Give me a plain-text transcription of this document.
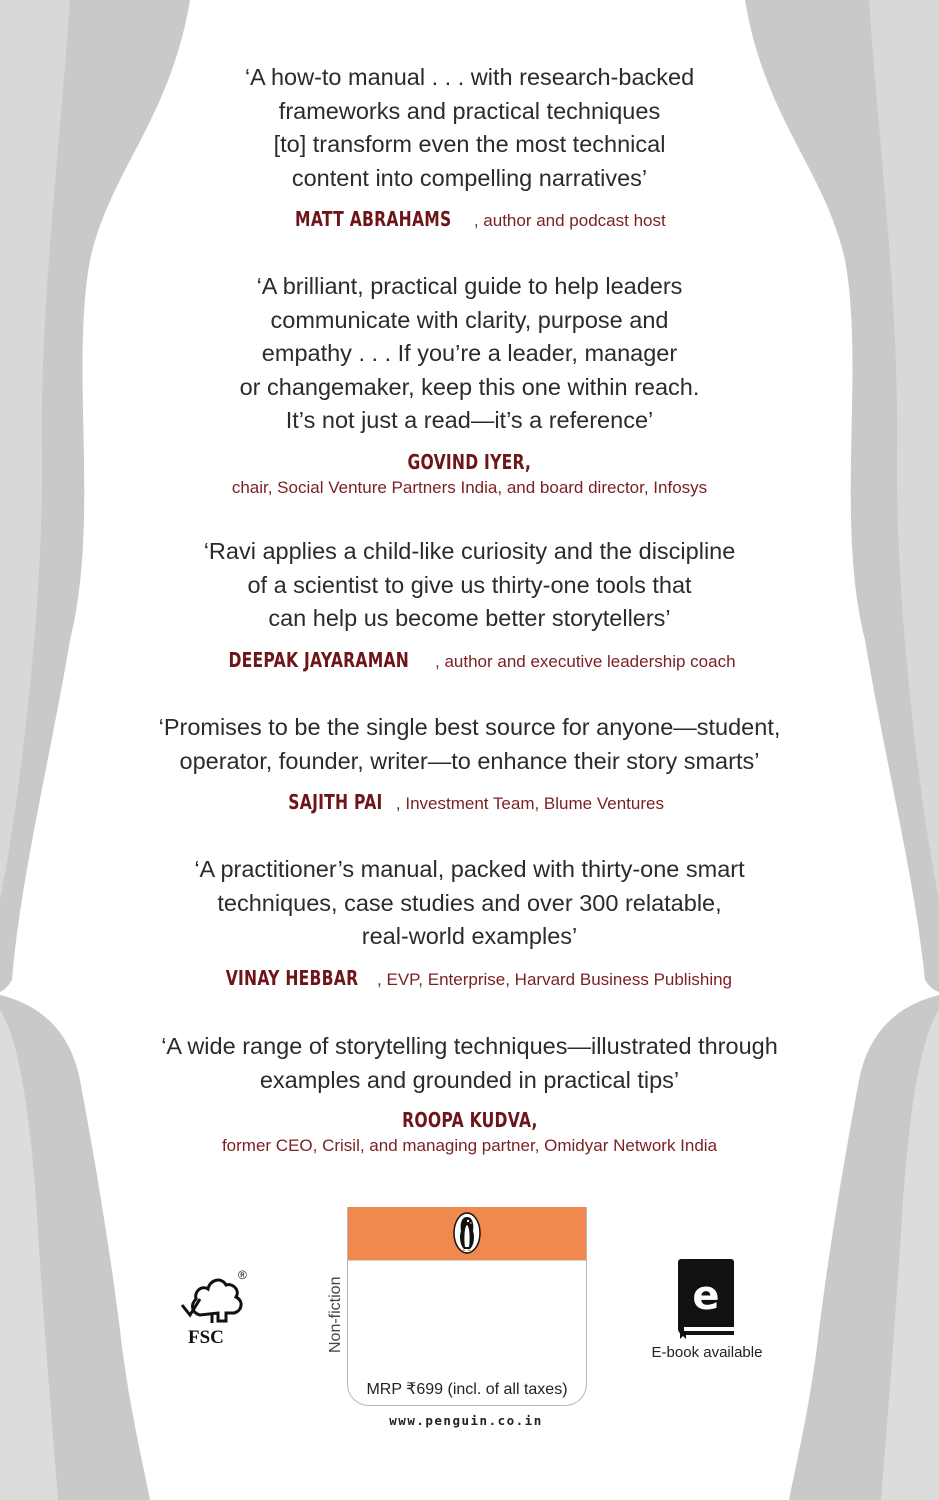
‘A how-to manual . . . with research-backed
frameworks and practical techniques
[to] transform even the most technical
content into compelling narratives’
MATT ABRAHAMS , author and podcast host
‘A brilliant, practical guide to help leaders
communicate with clarity, purpose and
empathy . . . If you’re a leader, manager
or changemaker, keep this one within reach.
It’s not just a read—it’s a reference’
GOVIND IYER,
chair, Social Venture Partners India, and board director, Infosys
‘Ravi applies a child-like curiosity and the discipline
of a scientist to give us thirty-one tools that
can help us become better storytellers’
DEEPAK JAYARAMAN , author and executive leadership coach
‘Promises to be the single best source for anyone—student,
operator, founder, writer—to enhance their story smarts’
SAJITH PAI , Investment Team, Blume Ventures
‘A practitioner’s manual, packed with thirty-one smart
techniques, case studies and over 300 relatable,
real-world examples’
VINAY HEBBAR , EVP, Enterprise, Harvard Business Publishing
‘A wide range of storytelling techniques—illustrated through
examples and grounded in practical tips’
ROOPA KUDVA,
former CEO, Crisil, and managing partner, Omidyar Network India
®
FSC	Non-fiction
MRP ₹699 (incl. of all taxes)
www.penguin.co.in
e
E-book available
